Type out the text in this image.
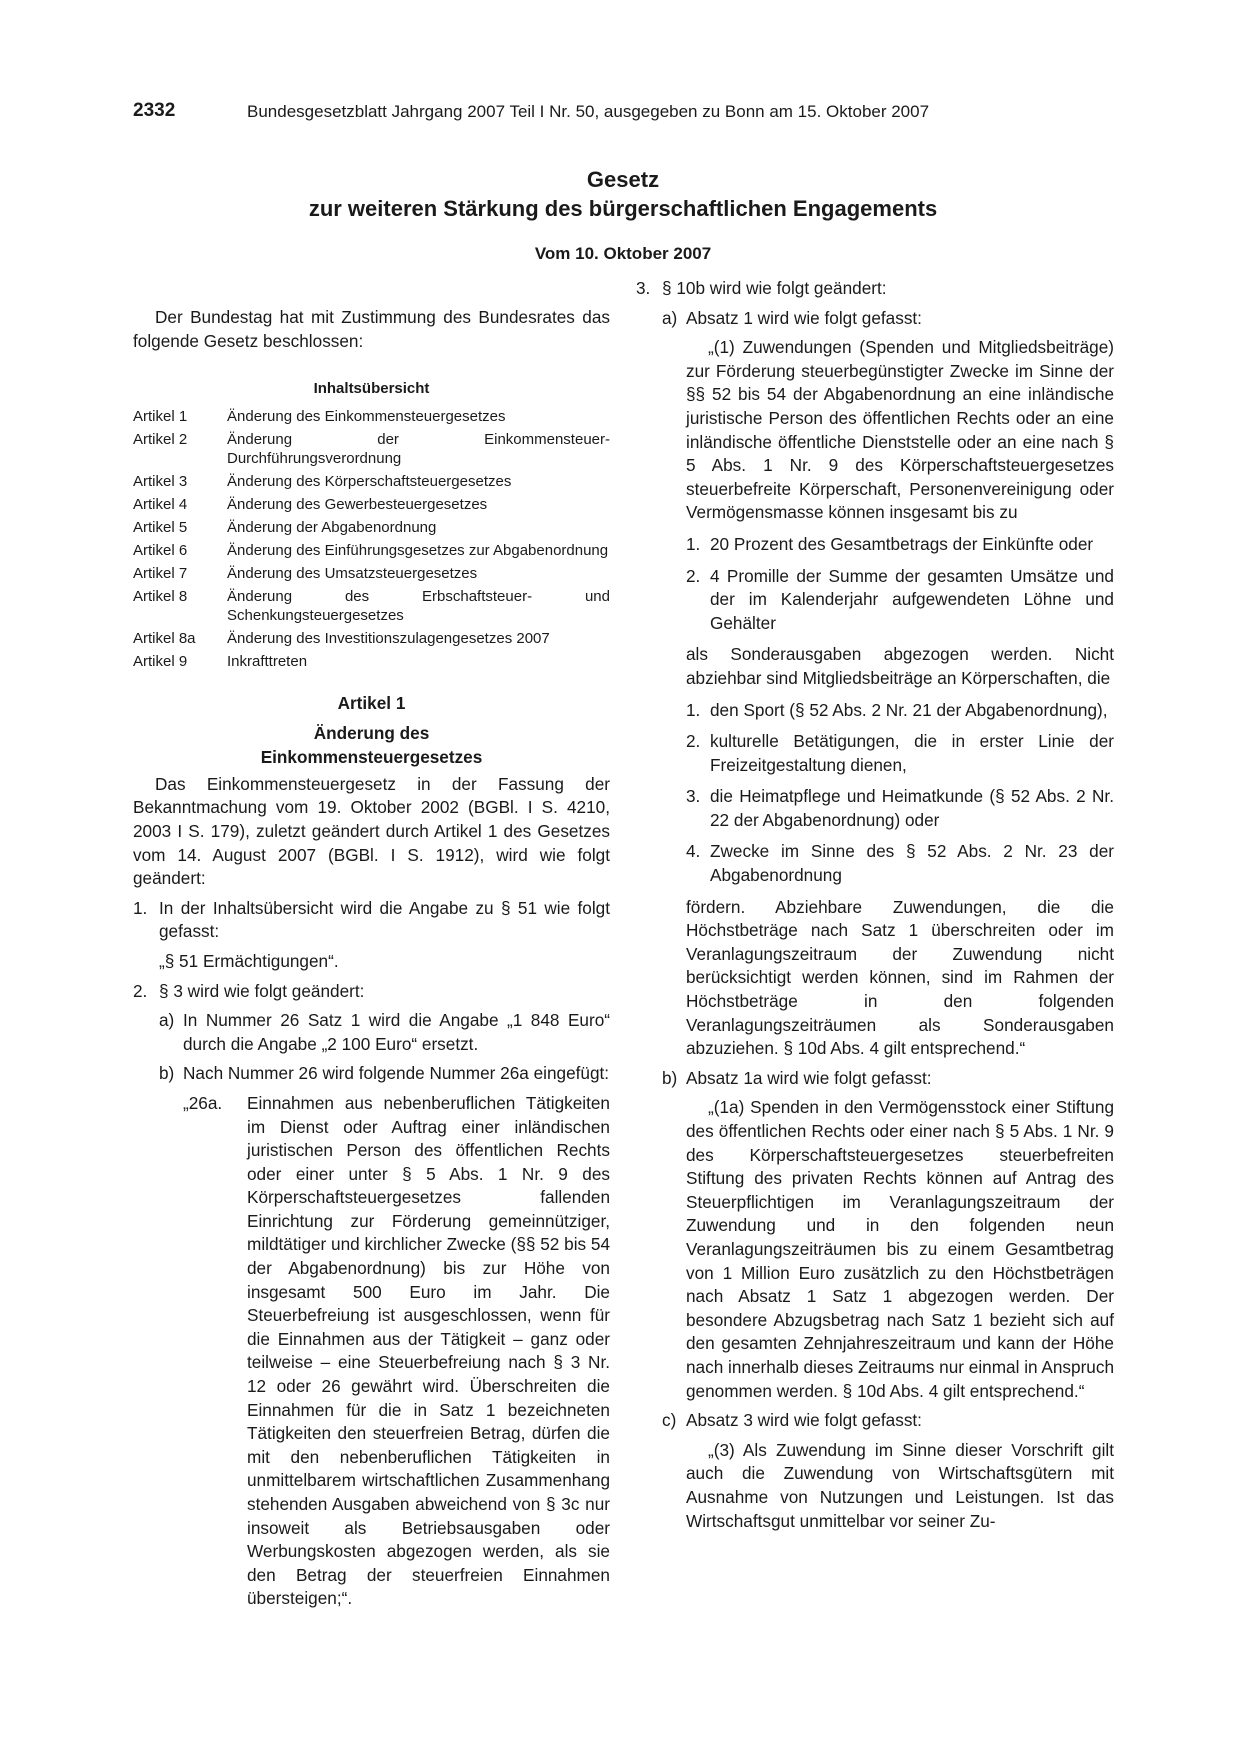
2332	Bundesgesetzblatt Jahrgang 2007 Teil I Nr. 50, ausgegeben zu Bonn am 15. Oktober 2007

Gesetz

zur weiteren Stärkung des bürgerschaftlichen Engagements

Vom 10. Oktober 2007

Der Bundestag hat mit Zustimmung des Bundesrates das folgende Gesetz beschlossen:

Inhaltsübersicht
Artikel 1	Änderung des Einkommensteuergesetzes
Artikel 2	Änderung der Einkommensteuer-Durchführungsverordnung
Artikel 3	Änderung des Körperschaftsteuergesetzes
Artikel 4	Änderung des Gewerbesteuergesetzes
Artikel 5	Änderung der Abgabenordnung
Artikel 6	Änderung des Einführungsgesetzes zur Abgabenordnung
Artikel 7	Änderung des Umsatzsteuergesetzes
Artikel 8	Änderung des Erbschaftsteuer- und Schenkungsteuergesetzes
Artikel 8a	Änderung des Investitionszulagengesetzes 2007
Artikel 9	Inkrafttreten
Artikel 1
Änderung des
Einkommensteuergesetzes

Das Einkommensteuergesetz in der Fassung der Bekanntmachung vom 19. Oktober 2002 (BGBl. I S. 4210, 2003 I S. 179), zuletzt geändert durch Artikel 1 des Gesetzes vom 14. August 2007 (BGBl. I S. 1912), wird wie folgt geändert:

1. In der Inhaltsübersicht wird die Angabe zu § 51 wie folgt gefasst:
„§ 51 Ermächtigungen“.
2. § 3 wird wie folgt geändert:
a) In Nummer 26 Satz 1 wird die Angabe „1 848 Euro“ durch die Angabe „2 100 Euro“ ersetzt.
b) Nach Nummer 26 wird folgende Nummer 26a eingefügt:
„26a.	Einnahmen aus nebenberuflichen Tätigkeiten im Dienst oder Auftrag einer inländischen juristischen Person des öffentlichen Rechts oder einer unter § 5 Abs. 1 Nr. 9 des Körperschaftsteuergesetzes fallenden Einrichtung zur Förderung gemeinnütziger, mildtätiger und kirchlicher Zwecke (§§ 52 bis 54 der Abgabenordnung) bis zur Höhe von insgesamt 500 Euro im Jahr. Die Steuerbefreiung ist ausgeschlossen, wenn für die Einnahmen aus der Tätigkeit – ganz oder teilweise – eine Steuerbefreiung nach § 3 Nr. 12 oder 26 gewährt wird. Überschreiten die Einnahmen für die in Satz 1 bezeichneten Tätigkeiten den steuerfreien Betrag, dürfen die mit den nebenberuflichen Tätigkeiten in unmittelbarem wirtschaftlichen Zusammenhang stehenden Ausgaben abweichend von § 3c nur insoweit als Betriebsausgaben oder Werbungskosten abgezogen werden, als sie den Betrag der steuerfreien Einnahmen übersteigen;“.
3. § 10b wird wie folgt geändert:
a) Absatz 1 wird wie folgt gefasst:

„(1) Zuwendungen (Spenden und Mitgliedsbeiträge) zur Förderung steuerbegünstigter Zwecke im Sinne der §§ 52 bis 54 der Abgabenordnung an eine inländische juristische Person des öffentlichen Rechts oder an eine inländische öffentliche Dienststelle oder an eine nach § 5 Abs. 1 Nr. 9 des Körperschaftsteuergesetzes steuerbefreite Körperschaft, Personenvereinigung oder Vermögensmasse können insgesamt bis zu

1. 20 Prozent des Gesamtbetrags der Einkünfte oder
2. 4 Promille der Summe der gesamten Umsätze und der im Kalenderjahr aufgewendeten Löhne und Gehälter

als Sonderausgaben abgezogen werden. Nicht abziehbar sind Mitgliedsbeiträge an Körperschaften, die

1. den Sport (§ 52 Abs. 2 Nr. 21 der Abgabenordnung),
2. kulturelle Betätigungen, die in erster Linie der Freizeitgestaltung dienen,
3. die Heimatpflege und Heimatkunde (§ 52 Abs. 2 Nr. 22 der Abgabenordnung) oder
4. Zwecke im Sinne des § 52 Abs. 2 Nr. 23 der Abgabenordnung

fördern. Abziehbare Zuwendungen, die die Höchstbeträge nach Satz 1 überschreiten oder im Veranlagungszeitraum der Zuwendung nicht berücksichtigt werden können, sind im Rahmen der Höchstbeträge in den folgenden Veranlagungszeiträumen als Sonderausgaben abzuziehen. § 10d Abs. 4 gilt entsprechend.“

b) Absatz 1a wird wie folgt gefasst:

„(1a) Spenden in den Vermögensstock einer Stiftung des öffentlichen Rechts oder einer nach § 5 Abs. 1 Nr. 9 des Körperschaftsteuergesetzes steuerbefreiten Stiftung des privaten Rechts können auf Antrag des Steuerpflichtigen im Veranlagungszeitraum der Zuwendung und in den folgenden neun Veranlagungszeiträumen bis zu einem Gesamtbetrag von 1 Million Euro zusätzlich zu den Höchstbeträgen nach Absatz 1 Satz 1 abgezogen werden. Der besondere Abzugsbetrag nach Satz 1 bezieht sich auf den gesamten Zehnjahreszeitraum und kann der Höhe nach innerhalb dieses Zeitraums nur einmal in Anspruch genommen werden. § 10d Abs. 4 gilt entsprechend.“

c) Absatz 3 wird wie folgt gefasst:

„(3) Als Zuwendung im Sinne dieser Vorschrift gilt auch die Zuwendung von Wirtschaftsgütern mit Ausnahme von Nutzungen und Leistungen. Ist das Wirtschaftsgut unmittelbar vor seiner Zu-
